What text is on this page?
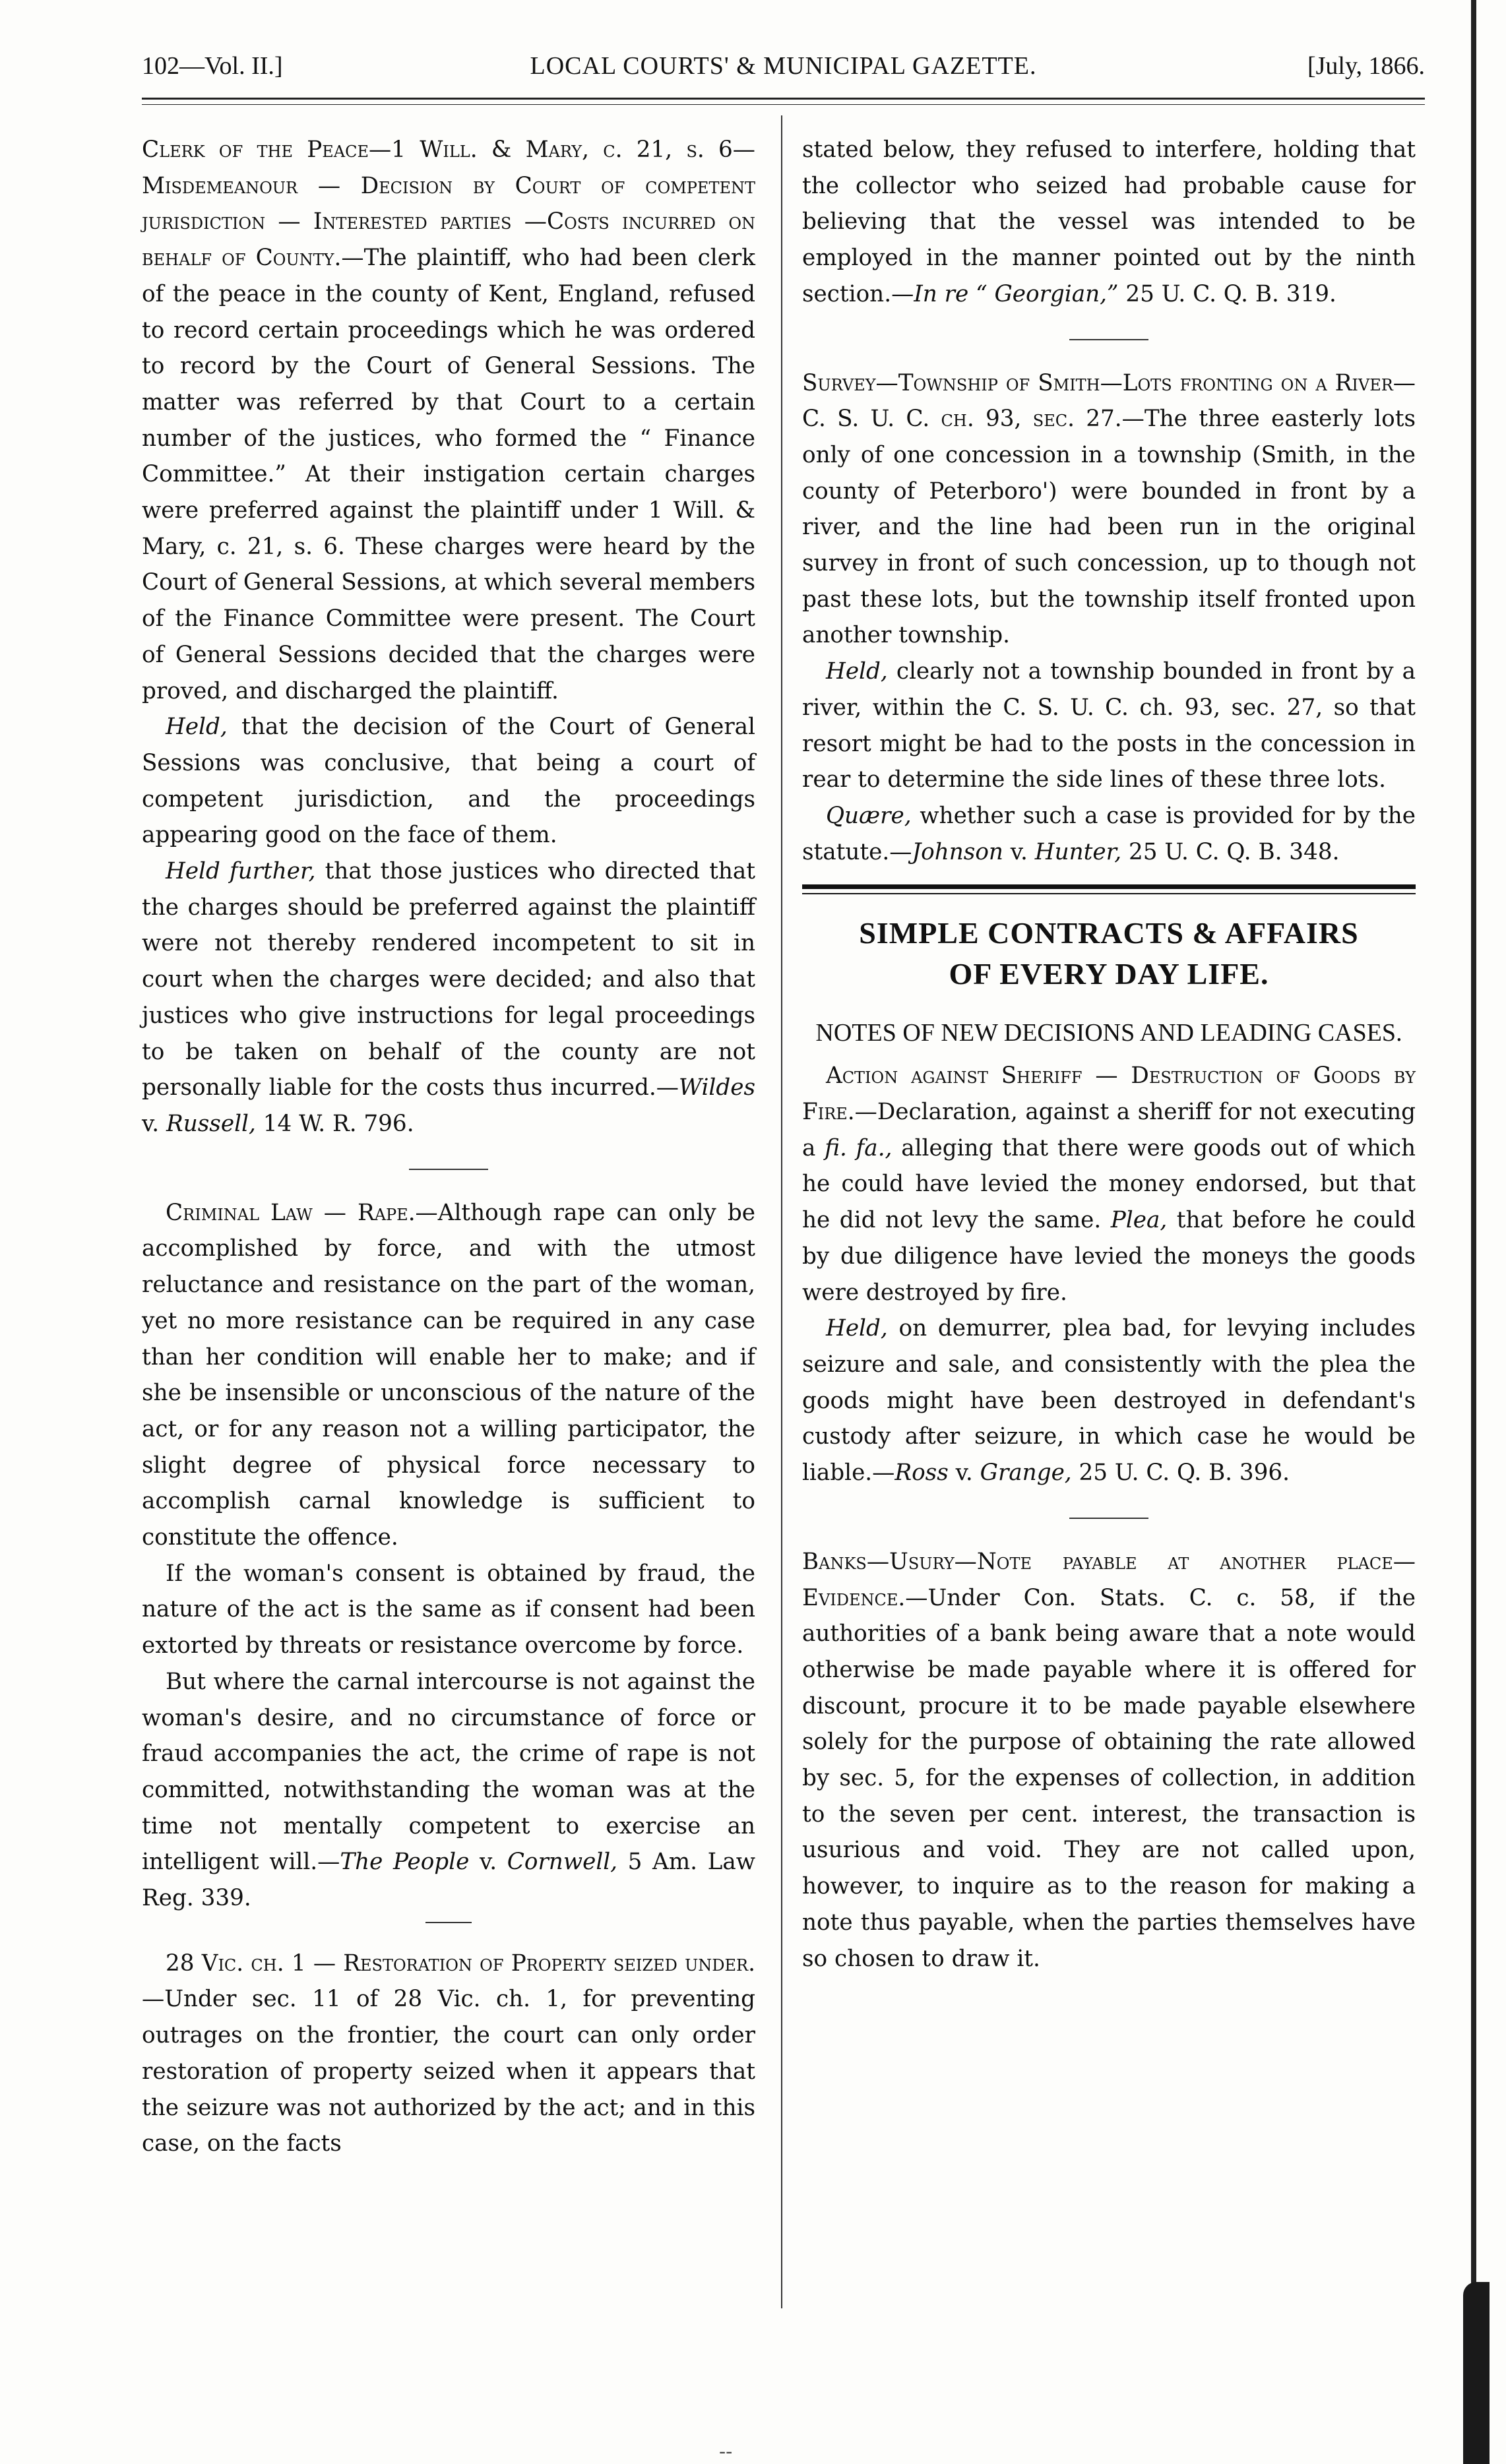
102—Vol. II.]	LOCAL COURTS' & MUNICIPAL GAZETTE.	[July, 1866.

Clerk of the Peace—1 Will. & Mary, c. 21, s. 6—Misdemeanour — Decision by Court of competent jurisdiction — Interested parties —Costs incurred on behalf of County.—The plaintiff, who had been clerk of the peace in the county of Kent, England, refused to record certain proceedings which he was ordered to record by the Court of General Sessions. The matter was referred by that Court to a certain number of the justices, who formed the “ Finance Committee.” At their instigation certain charges were preferred against the plaintiff under 1 Will. & Mary, c. 21, s. 6. These charges were heard by the Court of General Sessions, at which several members of the Finance Committee were present. The Court of General Sessions decided that the charges were proved, and discharged the plaintiff.

Held, that the decision of the Court of General Sessions was conclusive, that being a court of competent jurisdiction, and the proceedings appearing good on the face of them.

Held further, that those justices who directed that the charges should be preferred against the plaintiff were not thereby rendered incompetent to sit in court when the charges were decided; and also that justices who give instructions for legal proceedings to be taken on behalf of the county are not personally liable for the costs thus incurred.—Wildes v. Russell, 14 W. R. 796.

Criminal Law — Rape.—Although rape can only be accomplished by force, and with the utmost reluctance and resistance on the part of the woman, yet no more resistance can be required in any case than her condition will enable her to make; and if she be insensible or unconscious of the nature of the act, or for any reason not a willing participator, the slight degree of physical force necessary to accomplish carnal knowledge is sufficient to constitute the offence.

If the woman's consent is obtained by fraud, the nature of the act is the same as if consent had been extorted by threats or resistance overcome by force.

But where the carnal intercourse is not against the woman's desire, and no circumstance of force or fraud accompanies the act, the crime of rape is not committed, notwithstanding the woman was at the time not mentally competent to exercise an intelligent will.—The People v. Cornwell, 5 Am. Law Reg. 339.

28 Vic. ch. 1 — Restoration of Property seized under.—Under sec. 11 of 28 Vic. ch. 1, for preventing outrages on the frontier, the court can only order restoration of property seized when it appears that the seizure was not authorized by the act; and in this case, on the facts

stated below, they refused to interfere, holding that the collector who seized had probable cause for believing that the vessel was intended to be employed in the manner pointed out by the ninth section.—In re “ Georgian,” 25 U. C. Q. B. 319.

Survey—Township of Smith—Lots fronting on a River—C. S. U. C. ch. 93, sec. 27.—The three easterly lots only of one concession in a township (Smith, in the county of Peterboro') were bounded in front by a river, and the line had been run in the original survey in front of such concession, up to though not past these lots, but the township itself fronted upon another township.

Held, clearly not a township bounded in front by a river, within the C. S. U. C. ch. 93, sec. 27, so that resort might be had to the posts in the concession in rear to determine the side lines of these three lots.

Quære, whether such a case is provided for by the statute.—Johnson v. Hunter, 25 U. C. Q. B. 348.

SIMPLE CONTRACTS & AFFAIRS
OF EVERY DAY LIFE.
NOTES OF NEW DECISIONS AND LEADING CASES.

Action against Sheriff — Destruction of Goods by Fire.—Declaration, against a sheriff for not executing a fi. fa., alleging that there were goods out of which he could have levied the money endorsed, but that he did not levy the same. Plea, that before he could by due diligence have levied the moneys the goods were destroyed by fire.

Held, on demurrer, plea bad, for levying includes seizure and sale, and consistently with the plea the goods might have been destroyed in defendant's custody after seizure, in which case he would be liable.—Ross v. Grange, 25 U. C. Q. B. 396.

Banks—Usury—Note payable at another place—Evidence.—Under Con. Stats. C. c. 58, if the authorities of a bank being aware that a note would otherwise be made payable where it is offered for discount, procure it to be made payable elsewhere solely for the purpose of obtaining the rate allowed by sec. 5, for the expenses of collection, in addition to the seven per cent. interest, the transaction is usurious and void. They are not called upon, however, to inquire as to the reason for making a note thus payable, when the parties themselves have so chosen to draw it.

--
